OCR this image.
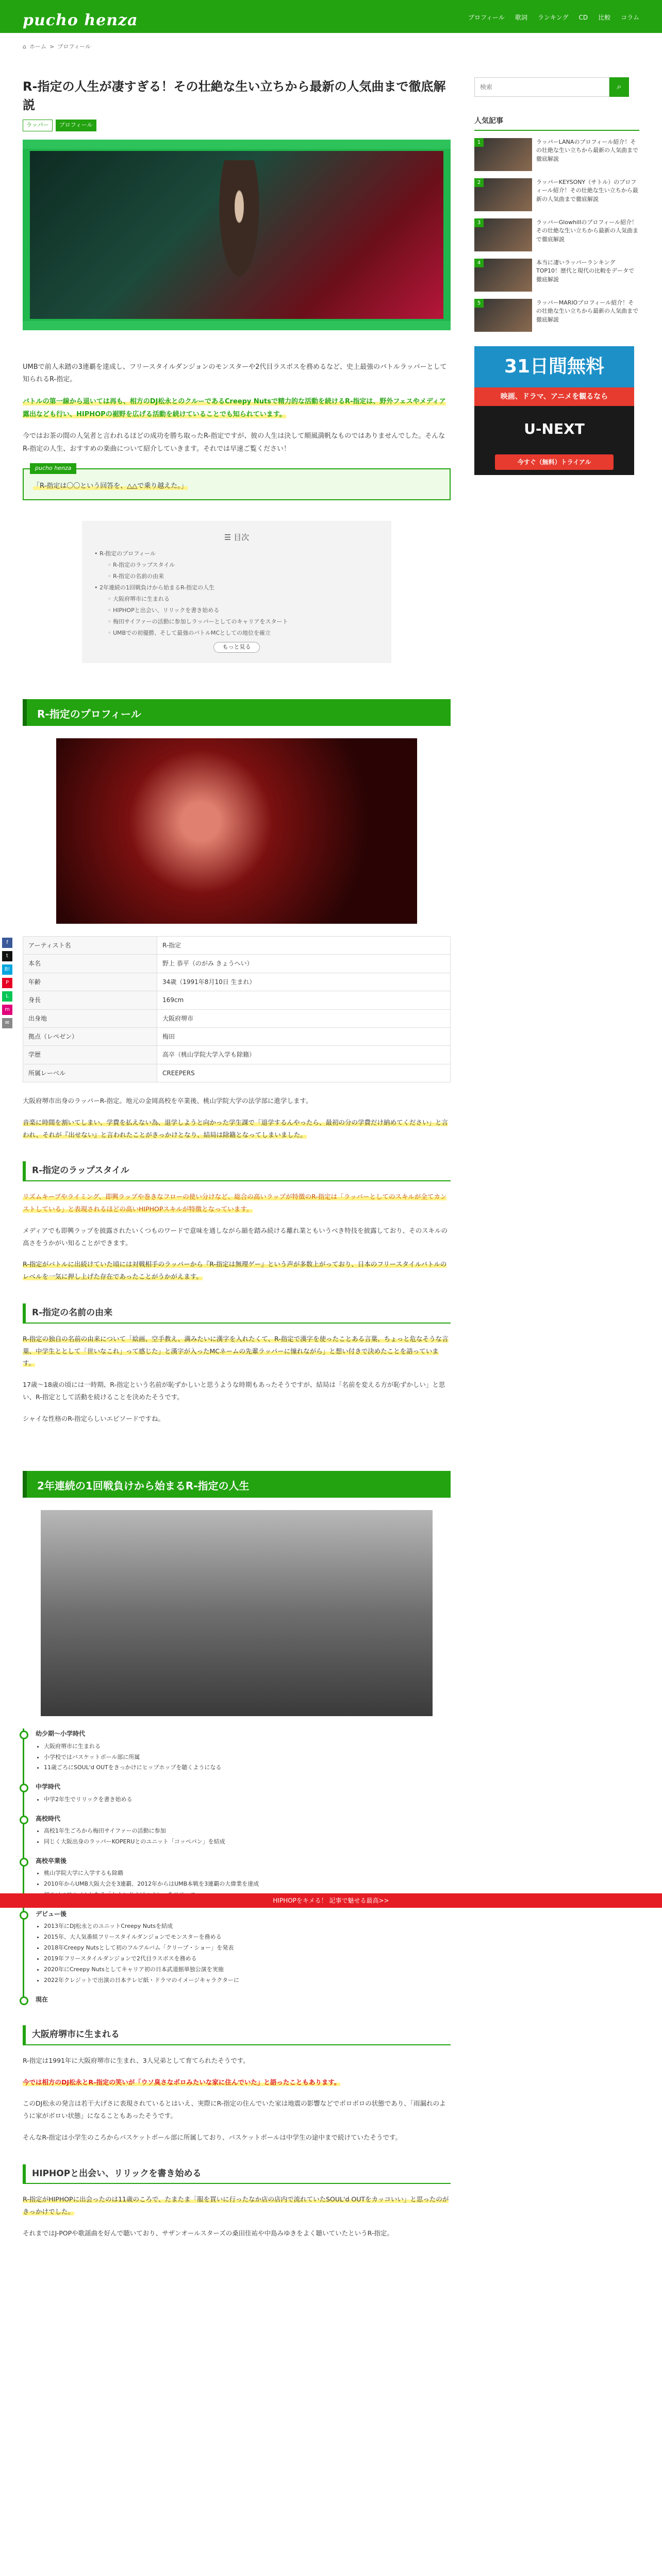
pucho henza	プロフィール 歌詞 ランキング CD 比較 コラム
⌂ ホーム > プロフィール
f
t
B!
P
L
m
✉
R-指定の人生が凄すぎる！その壮絶な生い立ちから最新の人気曲まで徹底解説
ラッパー	プロフィール

UMBで前人未踏の3連覇を達成し、フリースタイルダンジョンのモンスターや2代目ラスボスを務めるなど、史上最強のバトルラッパーとして知られるR-指定。

バトルの第一線から退いては再も、相方のDJ松永とのクルーであるCreepy Nutsで精力的な活動を続けるR-指定は、野外フェスやメディア露出なども行い、HIPHOPの裾野を広げる活動を続けていることでも知られています。

今ではお茶の間の人気者と言われるほどの成功を勝ち取ったR-指定ですが、彼の人生は決して順風満帆なものではありませんでした。そんなR-指定の人生、おすすめの楽曲について紹介していきます。それでは早速ご覧ください！

pucho henza
「R-指定は〇〇という回答を、△△で乗り越えた。」
☰ 目次
• R-指定のプロフィール
◦ R-指定のラップスタイル
◦ R-指定の名前の由来
• 2年連続の1回戦負けから始まるR-指定の人生
◦ 大阪府堺市に生まれる
◦ HIPHOPと出会い、リリックを書き始める
◦ 梅田サイファーの活動に参加しラッパーとしてのキャリアをスタート
◦ UMBでの初優勝、そして最強のバトルMCとしての地位を確立
もっと見る
R-指定のプロフィール
アーティスト名	R-指定
本名	野上 恭平（のがみ きょうへい）
年齢	34歳（1991年8月10日 生まれ）
身長	169cm
出身地	大阪府堺市
拠点（レペゼン）	梅田
学歴	高卒（桃山学院大学入学も除籍）
所属レーベル	CREEPERS

大阪府堺市出身のラッパーR-指定。地元の金岡高校を卒業後、桃山学院大学の法学部に進学します。

音楽に時間を割いてしまい、学費を払えない為、退学しようと向かった学生課で「退学するんやったら、最初の分の学費だけ納めてください」と言われ、それが『出せない』と言われたことがきっかけとなり、結局は除籍となってしまいました。

R-指定のラップスタイル

リズムキープやライミング、即興ラップや巻きなフローの使い分けなど、総合の高いラップが特徴のR-指定は「ラッパーとしてのスキルが全てカンストしている」と表現されるほどの高いHIPHOPスキルが特徴となっています。

メディアでも即興ラップを披露されたいくつものワードで意味を通しながら韻を踏み続ける離れ業ともいうべき特技を披露しており、そのスキルの高さをうかがい知ることができます。

R-指定がバトルに出続けていた頃には対戦相手のラッパーから『R-指定は無理ゲー』という声が多数上がっており、日本のフリースタイルバトルのレベルを一気に押し上げた存在であったことがうかがえます。

R-指定の名前の由来

R-指定の独自の名前の由来について「絵画、空手教え、満みたいに漢字を入れたくて、R-指定で漢字を使ったことある言葉、ちょっと危なそうな言葉、中学生ととして「世いなこれ」って感じた」と漢字が入ったMCネームの先輩ラッパーに憧れながら」と想い付きで決めたことを語っています。

17歳〜18歳の頃には一時期、R-指定という名前が恥ずかしいと思うような時期もあったそうですが、結局は「名前を変える方が恥ずかしい」と思い、R-指定として活動を続けることを決めたそうです。

シャイな性格のR-指定らしいエピソードですね。

2年連続の1回戦負けから始まるR-指定の人生
幼少期〜小学時代
• 大阪府堺市に生まれる
• 小学校ではバスケットボール部に所属
• 11歳ごろにSOUL'd OUTをきっかけにヒップホップを聴くようになる
中学時代
• 中学2年生でリリックを書き始める
高校時代
• 高校1年生ごろから梅田サイファーの活動に参加
• 同じく大阪出身のラッパーKOPERUとのユニット「コッペパン」を結成
高校卒業後
• 桃山学院大学に入学するも除籍
• 2010年からUMB大阪大会を3連覇、2012年からはUMB本戦を3連覇の大偉業を達成
•
デビュー後
• 2013年にDJ松永とのユニットCreepy Nutsを結成
• 2015年、大人気番組フリースタイルダンジョンでモンスターを務める
• 2018年Creepy Nutsとして初のフルアルバム「クリープ・ショー」を発表
• 2019年フリースタイルダンジョンで2代目ラスボスを務める
• 2020年にCreepy Nutsとしてキャリア初の日本武道館単独公演を実施
• 2022年クレジットで出演の日本テレビ紙・ドラマのイメージキャラクターに
現在
大阪府堺市に生まれる

R-指定は1991年に大阪府堺市に生まれ、3人兄弟として育てられたそうです。

今では相方のDJ松永とR-指定の笑いが「ウソ臭さなボロみたいな家に住んでいた」と語ったこともあります。

このDJ松永の発言は若干大げさに表現されているとはいえ、実際にR-指定の住んでいた家は地震の影響などでボロボロの状態であり、「雨漏れのように家がボロい状態」になることもあったそうです。

そんなR-指定は小学生のころからバスケットボール部に所属しており、バスケットボールは中学生の途中まで続けていたそうです。

HIPHOPと出会い、リリックを書き始める

R-指定がHIPHOPに出会ったのは11歳のころで、たまたま「服を買いに行ったなか店の店内で流れていたSOUL'd OUTをカッコいい」と思ったのがきっかけでした。

それまではJ-POPや歌謡曲を好んで聴いており、サザンオールスターズの桑田佳祐や中島みゆきをよく聴いていたというR-指定。

HIPHOPをキメる！ 記事で魅せる最高>>
検索
⌕
人気記事
1	ラッパーLANAのプロフィール紹介！その壮絶な生い立ちから最新の人気曲まで徹底解説
2	ラッパーKEYSONY（サトル）のプロフィール紹介！その壮絶な生い立ちから最新の人気曲まで徹底解説
3	ラッパーGlowhillのプロフィール紹介！その壮絶な生い立ちから最新の人気曲まで徹底解説
4	本当に凄いラッパーランキングTOP10！歴代と現代の比較をデータで徹底解説
5	ラッパーMARIOプロフィール紹介！その壮絶な生い立ちから最新の人気曲まで徹底解説
31日間無料
映画、ドラマ、アニメを観るなら
U-NEXT
今すぐ（無料）トライアル
